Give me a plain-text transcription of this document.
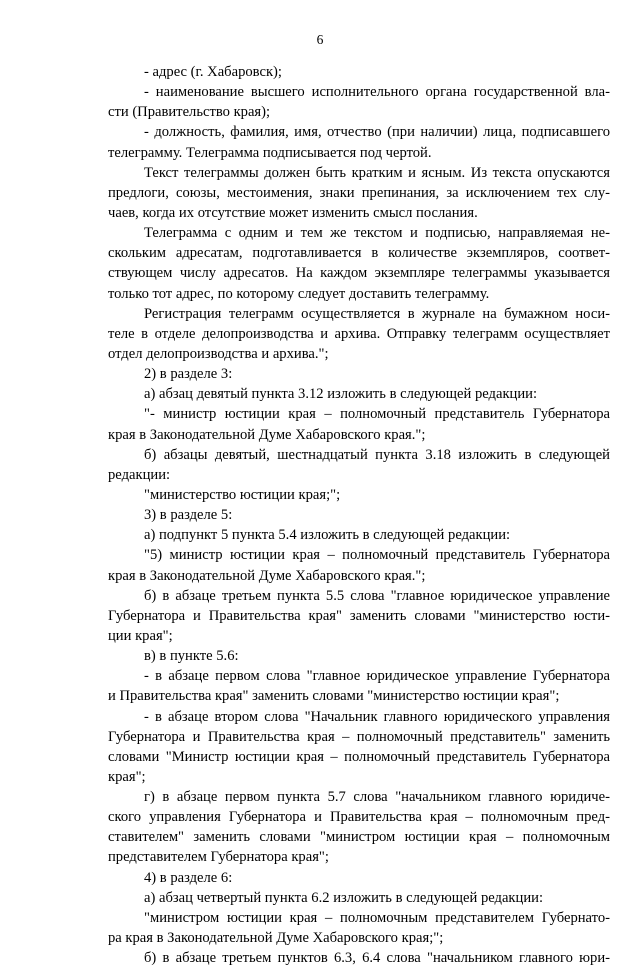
6
- адрес (г. Хабаровск);
- наименование высшего исполнительного органа государственной вла-
сти (Правительство края);
- должность, фамилия, имя, отчество (при наличии) лица, подписавшего
телеграмму. Телеграмма подписывается под чертой.
Текст телеграммы должен быть кратким и ясным. Из текста опускаются
предлоги, союзы, местоимения, знаки препинания, за исключением тех слу-
чаев, когда их отсутствие может изменить смысл послания.
Телеграмма с одним и тем же текстом и подписью, направляемая не-
скольким адресатам, подготавливается в количестве экземпляров, соответ-
ствующем числу адресатов. На каждом экземпляре телеграммы указывается
только тот адрес, по которому следует доставить телеграмму.
Регистрация телеграмм осуществляется в журнале на бумажном носи-
теле в отделе делопроизводства и архива. Отправку телеграмм осуществляет
отдел делопроизводства и архива.";
2) в разделе 3:
а) абзац девятый пункта 3.12 изложить в следующей редакции:
"- министр юстиции края – полномочный представитель Губернатора
края в Законодательной Думе Хабаровского края.";
б) абзацы девятый, шестнадцатый пункта 3.18 изложить в следующей
редакции:
"министерство юстиции края;";
3) в разделе 5:
а) подпункт 5 пункта 5.4 изложить в следующей редакции:
"5) министр юстиции края – полномочный представитель Губернатора
края в Законодательной Думе Хабаровского края.";
б) в абзаце третьем пункта 5.5 слова "главное юридическое управление
Губернатора и Правительства края" заменить словами "министерство юсти-
ции края";
в) в пункте 5.6:
- в абзаце первом слова "главное юридическое управление Губернатора
и Правительства края" заменить словами "министерство юстиции края";
- в абзаце втором слова "Начальник главного юридического управления
Губернатора и Правительства края – полномочный представитель" заменить
словами "Министр юстиции края – полномочный представитель Губернатора
края";
г) в абзаце первом пункта 5.7 слова "начальником главного юридиче-
ского управления Губернатора и Правительства края – полномочным пред-
ставителем" заменить словами "министром юстиции края – полномочным
представителем Губернатора края";
4) в разделе 6:
а) абзац четвертый пункта 6.2 изложить в следующей редакции:
"министром юстиции края – полномочным представителем Губернато-
ра края в Законодательной Думе Хабаровского края;";
б) в абзаце третьем пунктов 6.3, 6.4 слова "начальником главного юри-
